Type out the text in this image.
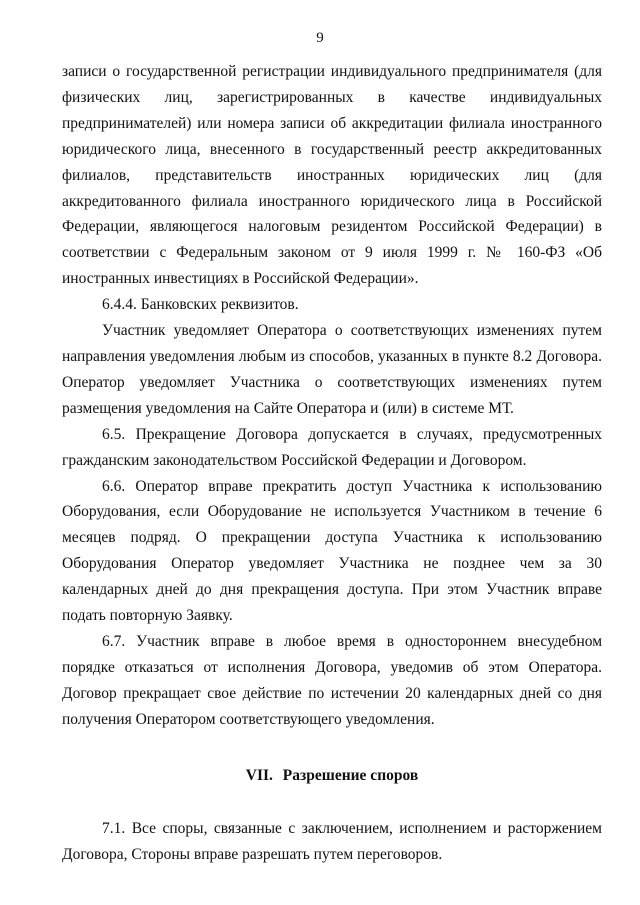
9

записи о государственной регистрации индивидуального предпринимателя (для физических лиц, зарегистрированных в качестве индивидуальных предпринимателей) или номера записи об аккредитации филиала иностранного юридического лица, внесенного в государственный реестр аккредитованных филиалов, представительств иностранных юридических лиц (для аккредитованного филиала иностранного юридического лица в Российской Федерации, являющегося налоговым резидентом Российской Федерации) в соответствии с Федеральным законом от 9 июля 1999 г. № 160-ФЗ «Об иностранных инвестициях в Российской Федерации».

6.4.4. Банковских реквизитов.

Участник уведомляет Оператора о соответствующих изменениях путем направления уведомления любым из способов, указанных в пункте 8.2 Договора. Оператор уведомляет Участника о соответствующих изменениях путем размещения уведомления на Сайте Оператора и (или) в системе МТ.

6.5. Прекращение Договора допускается в случаях, предусмотренных гражданским законодательством Российской Федерации и Договором.

6.6. Оператор вправе прекратить доступ Участника к использованию Оборудования, если Оборудование не используется Участником в течение 6 месяцев подряд. О прекращении доступа Участника к использованию Оборудования Оператор уведомляет Участника не позднее чем за 30 календарных дней до дня прекращения доступа. При этом Участник вправе подать повторную Заявку.

6.7. Участник вправе в любое время в одностороннем внесудебном порядке отказаться от исполнения Договора, уведомив об этом Оператора. Договор прекращает свое действие по истечении 20 календарных дней со дня получения Оператором соответствующего уведомления.

VII. Разрешение споров

7.1. Все споры, связанные с заключением, исполнением и расторжением Договора, Стороны вправе разрешать путем переговоров.
